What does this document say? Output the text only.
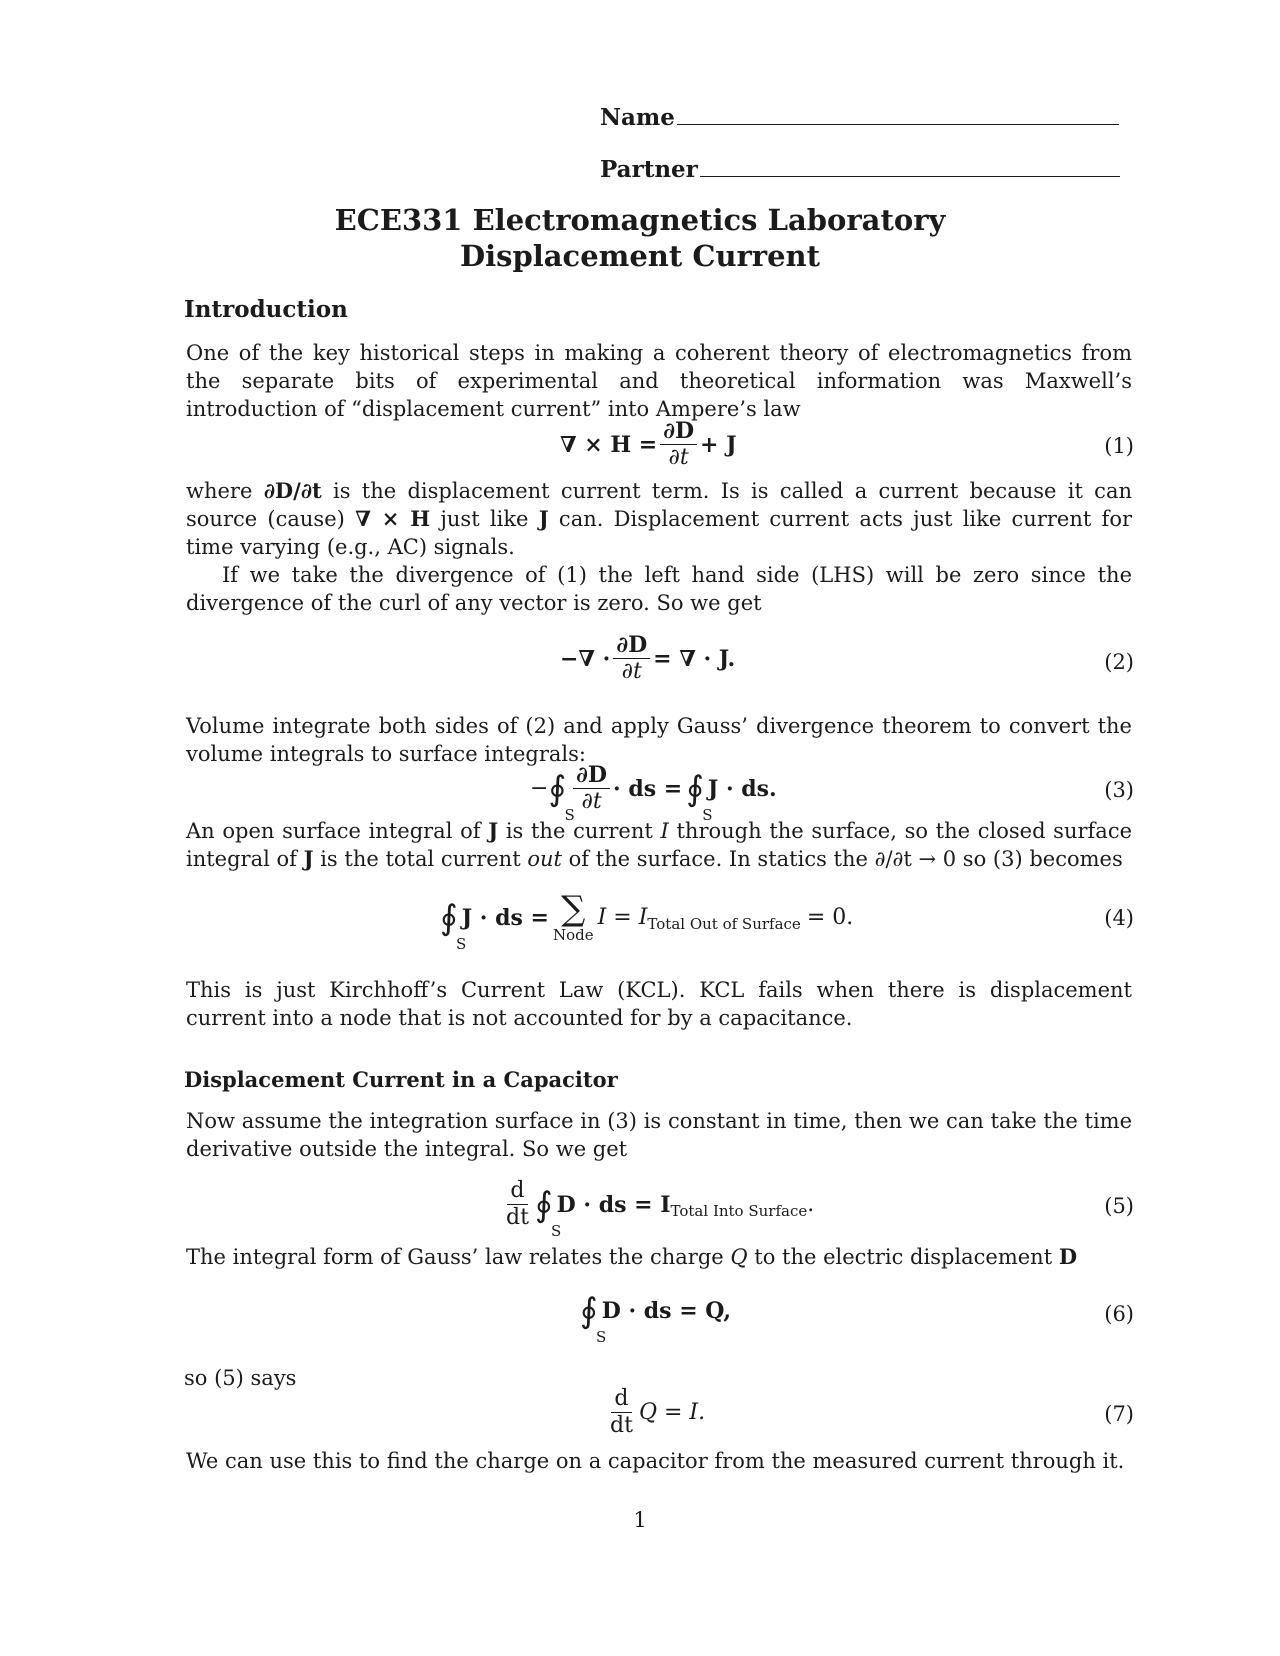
Name
Partner
ECE331 Electromagnetics Laboratory
Displacement Current
Introduction
One of the key historical steps in making a coherent theory of electromagnetics from the separate bits of experimental and theoretical information was Maxwell’s introduction of “displacement current” into Ampere’s law
∇ × $H = \frac{\partial D}{\partial t} + J$	(1)
where ∂D/∂t is the displacement current term. Is is called a current because it can source (cause) ∇ × H just like J can. Displacement current acts just like current for time varying (e.g., AC) signals.
If we take the divergence of (1) the left hand side (LHS) will be zero since the divergence of the curl of any vector is zero. So we get
−∇ · $\frac{\partial D}{\partial t}$ = ∇ · J.	(2)
Volume integrate both sides of (2) and apply Gauss’ divergence theorem to convert the volume integrals to surface integrals:
− ∮
S
$\frac{\partial D}{\partial t}$ · ds = ∮
S
J · ds.	(3)
An open surface integral of J is the current I through the surface, so the closed surface integral of J is the total current out of the surface. In statics the ∂/∂t → 0 so (3) becomes
∮
S
J · ds = ∑
Node
I = I Total Out of Surface = 0.	(4)
This is just Kirchhoff’s Current Law (KCL). KCL fails when there is displacement current into a node that is not accounted for by a capacitance.
Displacement Current in a Capacitor
Now assume the integration surface in (3) is constant in time, then we can take the time derivative outside the integral. So we get
$\frac{d}{dt}$ ∮
S
D · ds = I Total Into Surface .	(5)
The integral form of Gauss’ law relates the charge Q to the electric displacement D
∮
S
D · ds = Q,	(6)
so (5) says
$\frac{d}{dt}$ Q = I.	(7)
We can use this to find the charge on a capacitor from the measured current through it.
1
